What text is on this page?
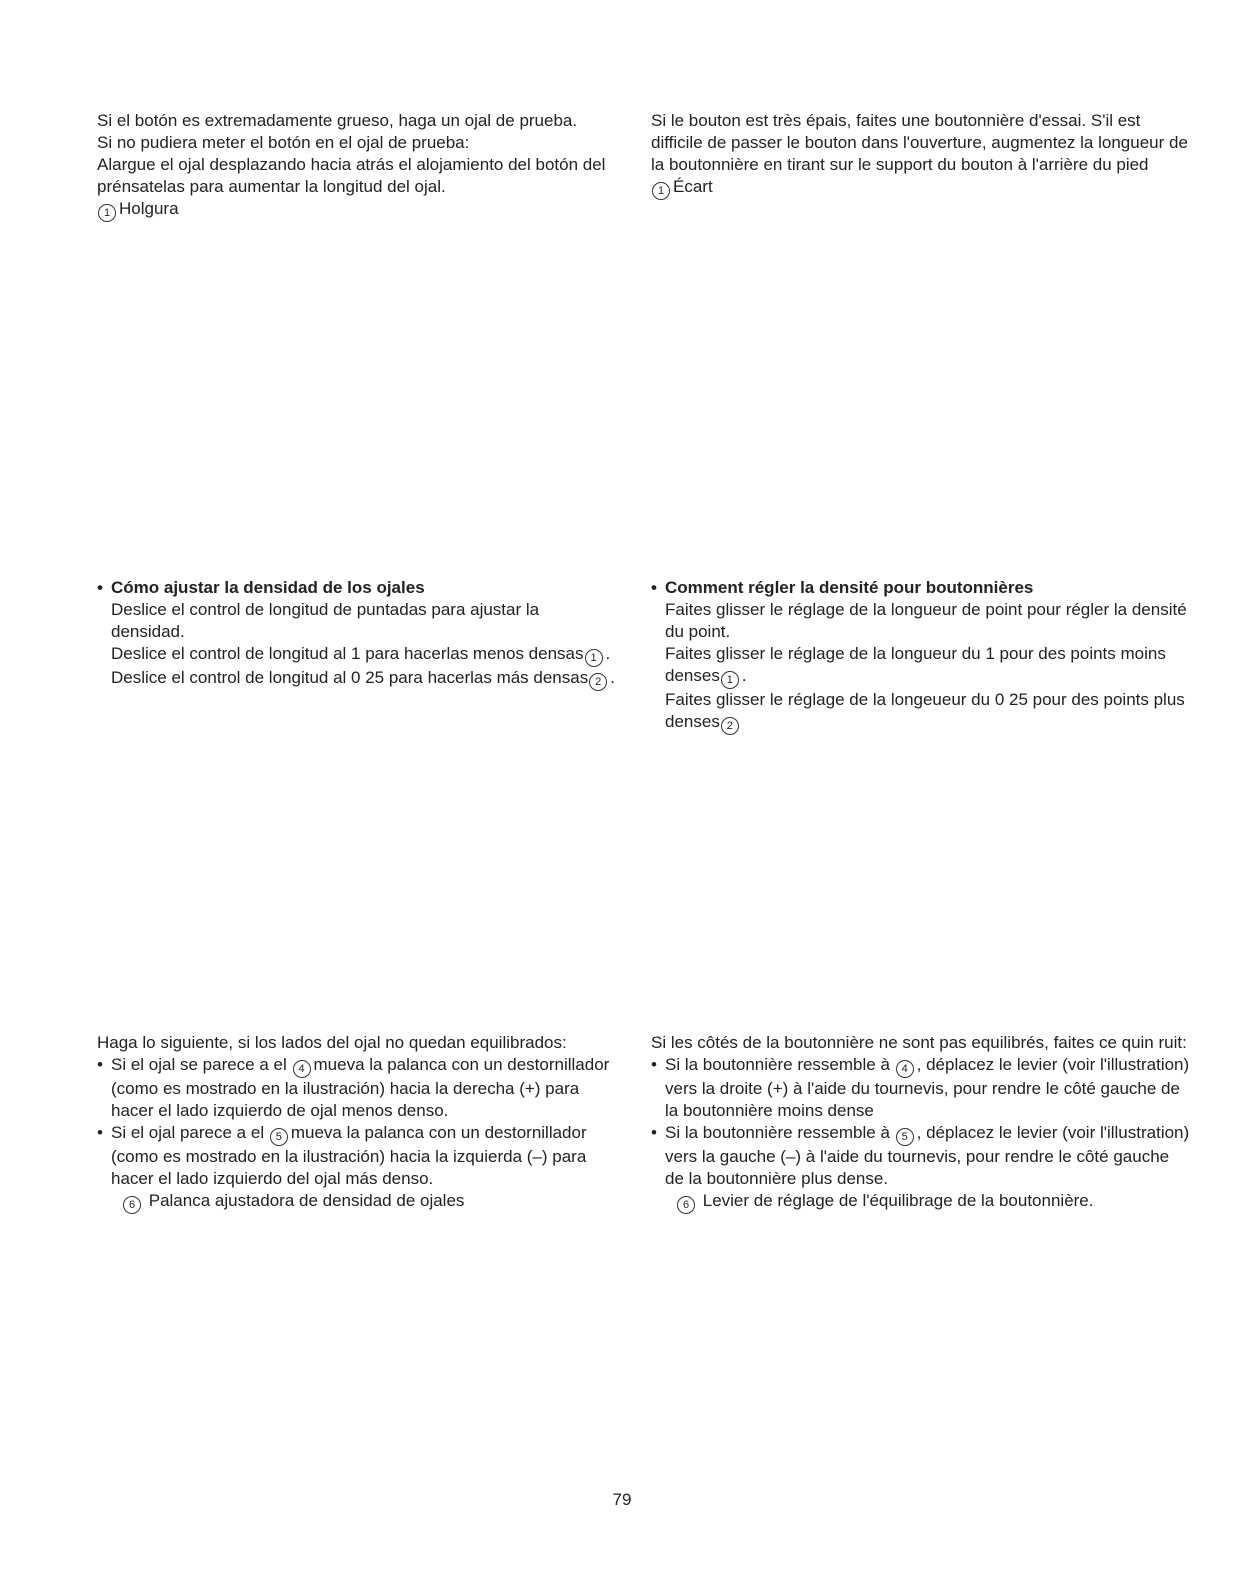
Si el botón es extremadamente grueso, haga un ojal de prueba.

Si no pudiera meter el botón en el ojal de prueba:

Alargue el ojal desplazando hacia atrás el alojamiento del botón del prénsatelas para aumentar la longitud del ojal.

1 Holgura

Si le bouton est très épais, faites une boutonnière d'essai. S'il est difficile de passer le bouton dans l'ouverture, augmentez la longueur de la boutonnière en tirant sur le support du bouton à l'arrière du pied

1 Écart

• Cómo ajustar la densidad de los ojales

Deslice el control de longitud de puntadas para ajustar la densidad.

Deslice el control de longitud al 1 para hacerlas menos densas 1 .

Deslice el control de longitud al 0 25 para hacerlas más densas 2 .

• Comment régler la densité pour boutonnières

Faites glisser le réglage de la longueur de point pour régler la densité du point.

Faites glisser le réglage de la longueur du 1 pour des points moins denses 1 .

Faites glisser le réglage de la longeueur du 0 25 pour des points plus denses 2

Haga lo siguiente, si los lados del ojal no quedan equilibrados:

• Si el ojal se parece a el 4 mueva la palanca con un destornillador (como es mostrado en la ilustración) hacia la derecha (+) para hacer el lado izquierdo de ojal menos denso.

• Si el ojal parece a el 5 mueva la palanca con un destornillador (como es mostrado en la ilustración) hacia la izquierda (–) para hacer el lado izquierdo del ojal más denso.

6 Palanca ajustadora de densidad de ojales

Si les côtés de la boutonnière ne sont pas equilibrés, faites ce quin ruit:

• Si la boutonnière ressemble à 4 , déplacez le levier (voir l'illustration) vers la droite (+) à l'aide du tournevis, pour rendre le côté gauche de la boutonnière moins dense

• Si la boutonnière ressemble à 5 , déplacez le levier (voir l'illustration) vers la gauche (–) à l'aide du tournevis, pour rendre le côté gauche de la boutonnière plus dense.

6 Levier de réglage de l'équilibrage de la boutonnière.

79
